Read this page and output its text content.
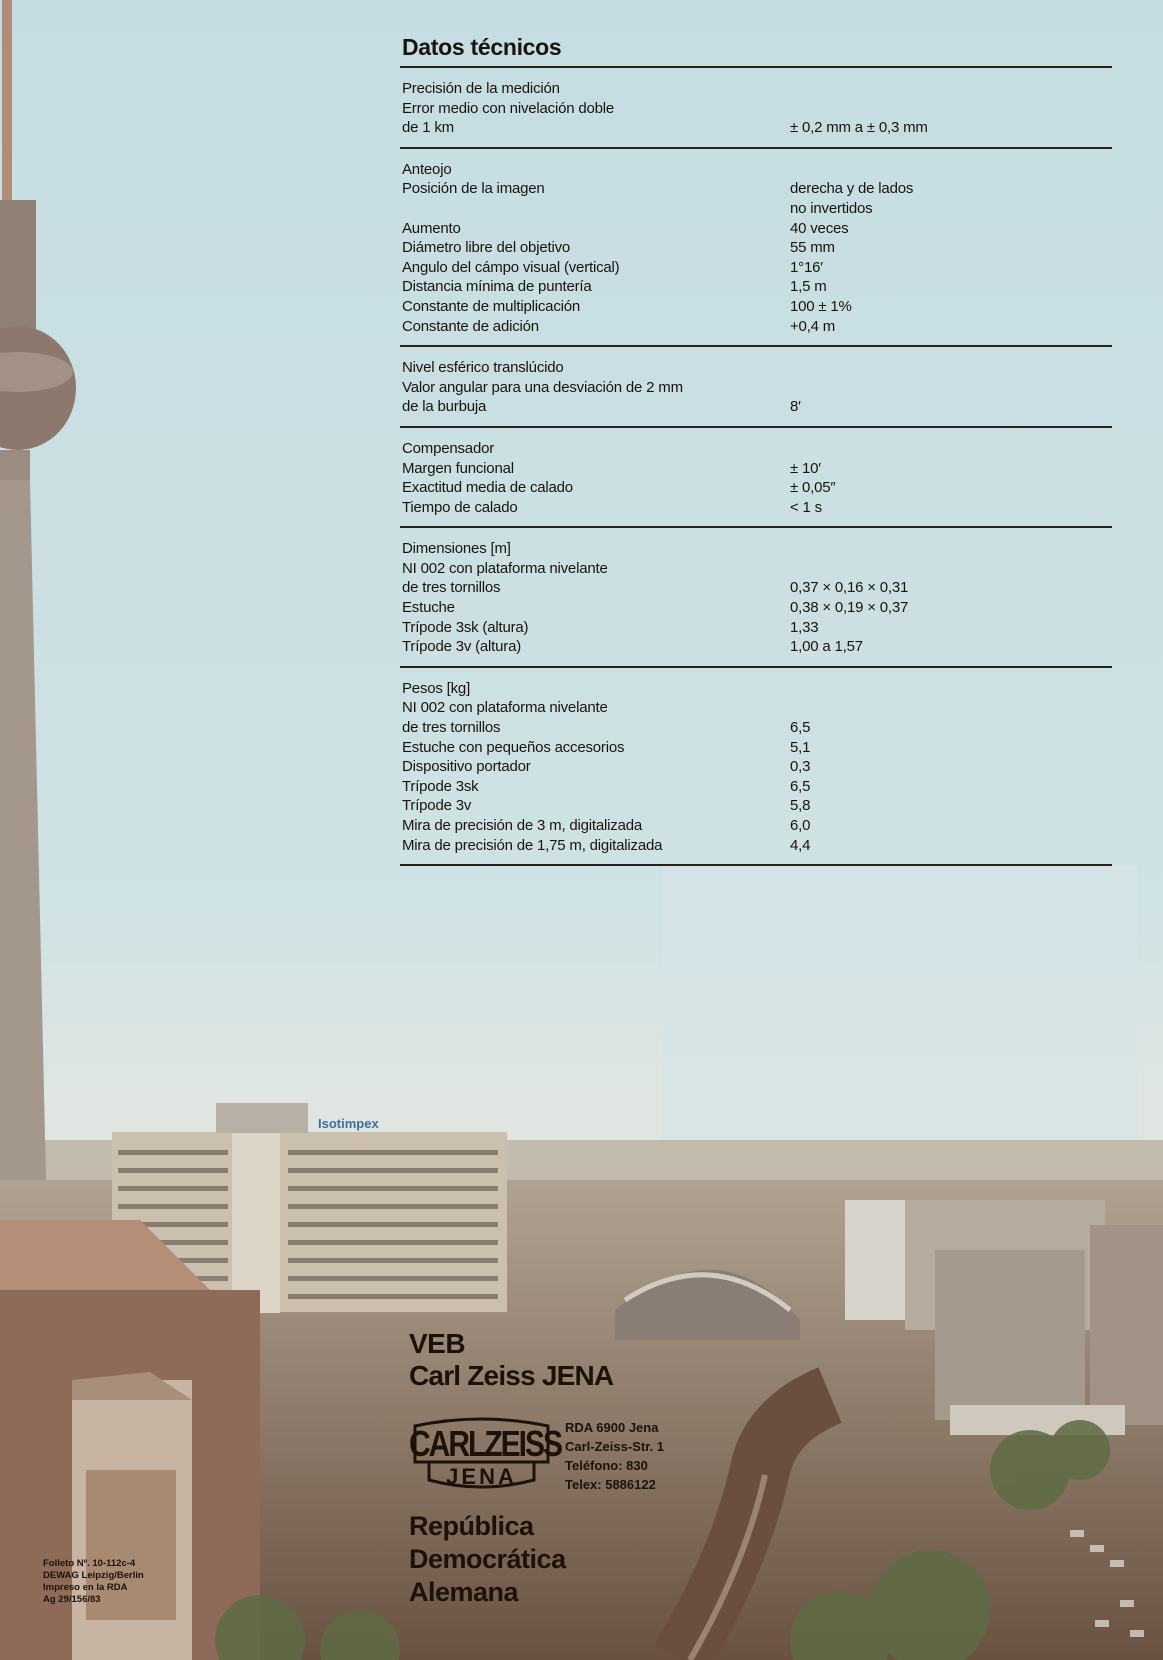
Isotimpex
Datos técnicos
Precisión de la medición
Error medio con nivelación doble
de 1 km	± 0,2 mm a ± 0,3 mm
Anteojo
Posición de la imagen	derecha y de lados
no invertidos
Aumento	40 veces
Diámetro libre del objetivo	55 mm
Angulo del cámpo visual (vertical)	1°16′
Distancia mínima de puntería	1,5 m
Constante de multiplicación	100 ± 1%
Constante de adición	+0,4 m
Nivel esférico translúcido
Valor angular para una desviación de 2 mm
de la burbuja	8′
Compensador
Margen funcional	± 10′
Exactitud media de calado	± 0,05″
Tiempo de calado	< 1 s
Dimensiones [m]
NI 002 con plataforma nivelante
de tres tornillos	0,37 × 0,16 × 0,31
Estuche	0,38 × 0,19 × 0,37
Trípode 3sk (altura)	1,33
Trípode 3v (altura)	1,00 a 1,57
Pesos [kg]
NI 002 con plataforma nivelante
de tres tornillos	6,5
Estuche con pequeños accesorios	5,1
Dispositivo portador	0,3
Trípode 3sk	6,5
Trípode 3v	5,8
Mira de precisión de 3 m, digitalizada	6,0
Mira de precisión de 1,75 m, digitalizada	4,4
VEB
Carl Zeiss JENA
CARLZEISS
JENA
RDA 6900 Jena
Carl-Zeiss-Str. 1
Teléfono: 830
Telex: 5886122
República
Democrática
Alemana
Folleto Nº. 10-112c-4
DEWAG Leipzig/Berlin
Impreso en la RDA
Ag 29/156/83
